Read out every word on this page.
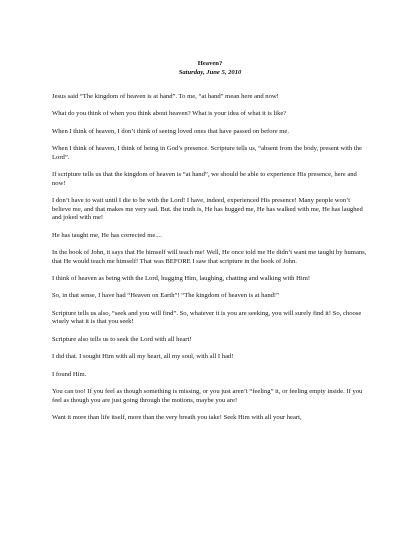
Heaven?

Saturday, June 5, 2010

Jesus said “The kingdom of heaven is at hand”. To me, “at hand” mean here and now!

What do you think of when you think about heaven? What is your idea of what it is like?

When I think of heaven, I don’t think of seeing loved ones that have passed on before me.

When I think of heaven, I think of being in God’s presence. Scripture tells us, “absent from the body, present with the Lord”.

If scripture tells us that the kingdom of heaven is “at hand”, we should be able to experience His presence, here and now!

I don’t have to wait until I die to be with the Lord! I have, indeed, experienced His presence! Many people won’t believe me, and that makes me very sad. But. the truth is, He has hugged me, He has walked with me, He has laughed and joked with me!

He has taught me, He has corrected me....

In the book of John, it says that He himself will teach me! Well, He once told me He didn’t want me taught by humans, that He would teach me himself! That was BEFORE I saw that scripture in the book of John.

I think of heaven as being with the Lord, hugging Him, laughing, chatting and walking with Him!

So, in that sense, I have had “Heaven on Earth”! “The kingdom of heaven is at hand!”

Scripture tells us also, “seek and you will find”. So, whatever it is you are seeking, you will surely find it! So, choose wisely what it is that you seek!

Scripture also tells us to seek the Lord with all heart!

I did that. I sought Him with all my heart, all my soul, with all I had!

I found Him.

You can too! If you feel as though something is missing, or you just aren’t “feeling” it, or feeling empty inside. If you feel as though you are just going through the motions, maybe you are!

Want it more than life itself, more than the very breath you take! Seek Him with all your heart,
